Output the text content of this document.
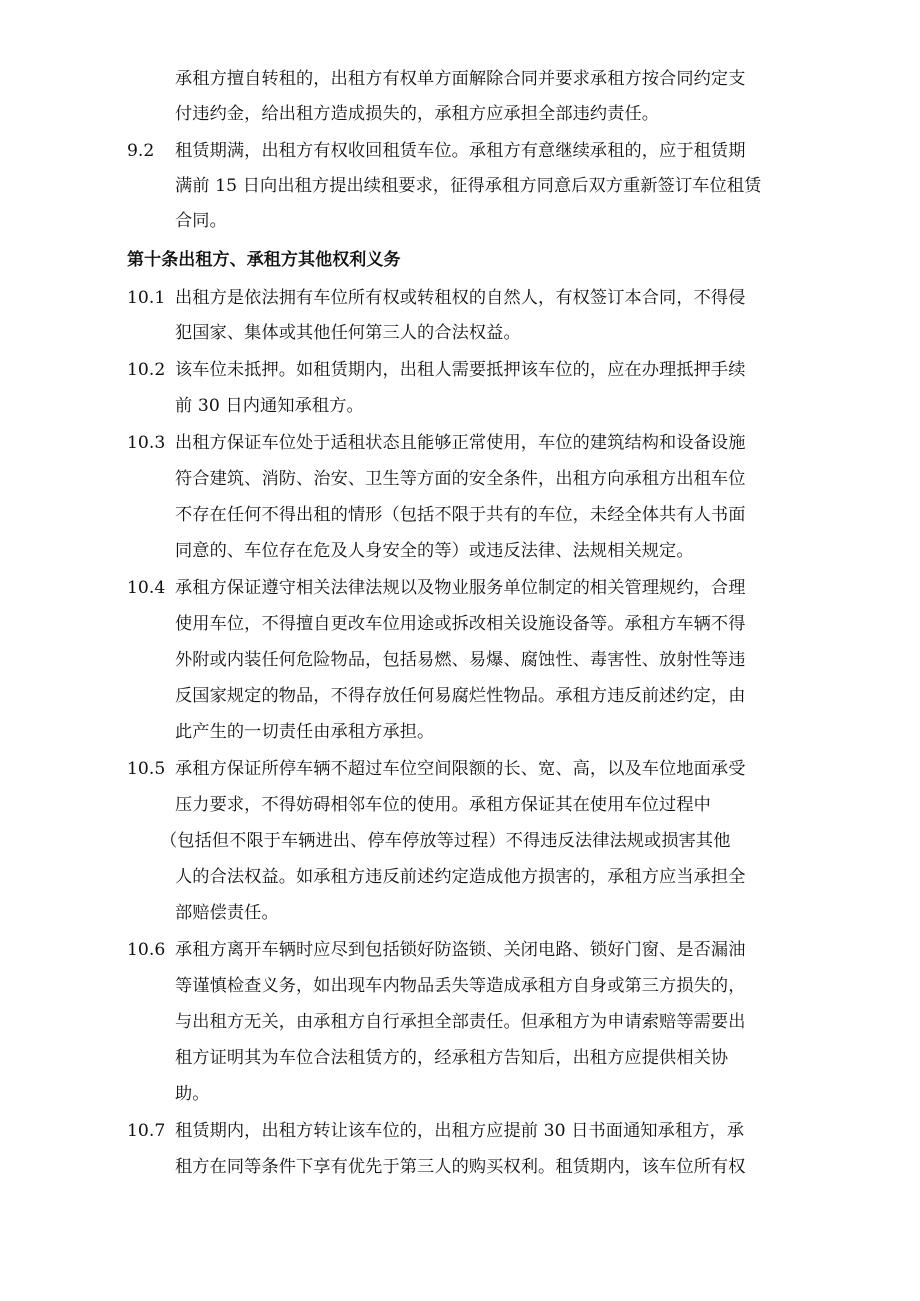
承租方擅自转租的，出租方有权单方面解除合同并要求承租方按合同约定支
付违约金，给出租方造成损失的，承租方应承担全部违约责任。
9.2 租赁期满，出租方有权收回租赁车位。承租方有意继续承租的，应于租赁期
满前 15 日向出租方提出续租要求，征得承租方同意后双方重新签订车位租赁
合同。
第十条出租方、承租方其他权利义务
10.1 出租方是依法拥有车位所有权或转租权的自然人，有权签订本合同，不得侵
犯国家、集体或其他任何第三人的合法权益。
10.2 该车位未抵押。如租赁期内，出租人需要抵押该车位的，应在办理抵押手续
前 30 日内通知承租方。
10.3 出租方保证车位处于适租状态且能够正常使用，车位的建筑结构和设备设施
符合建筑、消防、治安、卫生等方面的安全条件，出租方向承租方出租车位
不存在任何不得出租的情形（包括不限于共有的车位，未经全体共有人书面
同意的、车位存在危及人身安全的等）或违反法律、法规相关规定。
10.4 承租方保证遵守相关法律法规以及物业服务单位制定的相关管理规约，合理
使用车位，不得擅自更改车位用途或拆改相关设施设备等。承租方车辆不得
外附或内装任何危险物品，包括易燃、易爆、腐蚀性、毒害性、放射性等违
反国家规定的物品，不得存放任何易腐烂性物品。承租方违反前述约定，由
此产生的一切责任由承租方承担。
10.5 承租方保证所停车辆不超过车位空间限额的长、宽、高，以及车位地面承受
压力要求，不得妨碍相邻车位的使用。承租方保证其在使用车位过程中
（包括但不限于车辆进出、停车停放等过程）不得违反法律法规或损害其他
人的合法权益。如承租方违反前述约定造成他方损害的，承租方应当承担全
部赔偿责任。
10.6 承租方离开车辆时应尽到包括锁好防盗锁、关闭电路、锁好门窗、是否漏油
等谨慎检查义务，如出现车内物品丢失等造成承租方自身或第三方损失的，
与出租方无关，由承租方自行承担全部责任。但承租方为申请索赔等需要出
租方证明其为车位合法租赁方的，经承租方告知后，出租方应提供相关协
助。
10.7 租赁期内，出租方转让该车位的，出租方应提前 30 日书面通知承租方，承
租方在同等条件下享有优先于第三人的购买权利。租赁期内，该车位所有权
